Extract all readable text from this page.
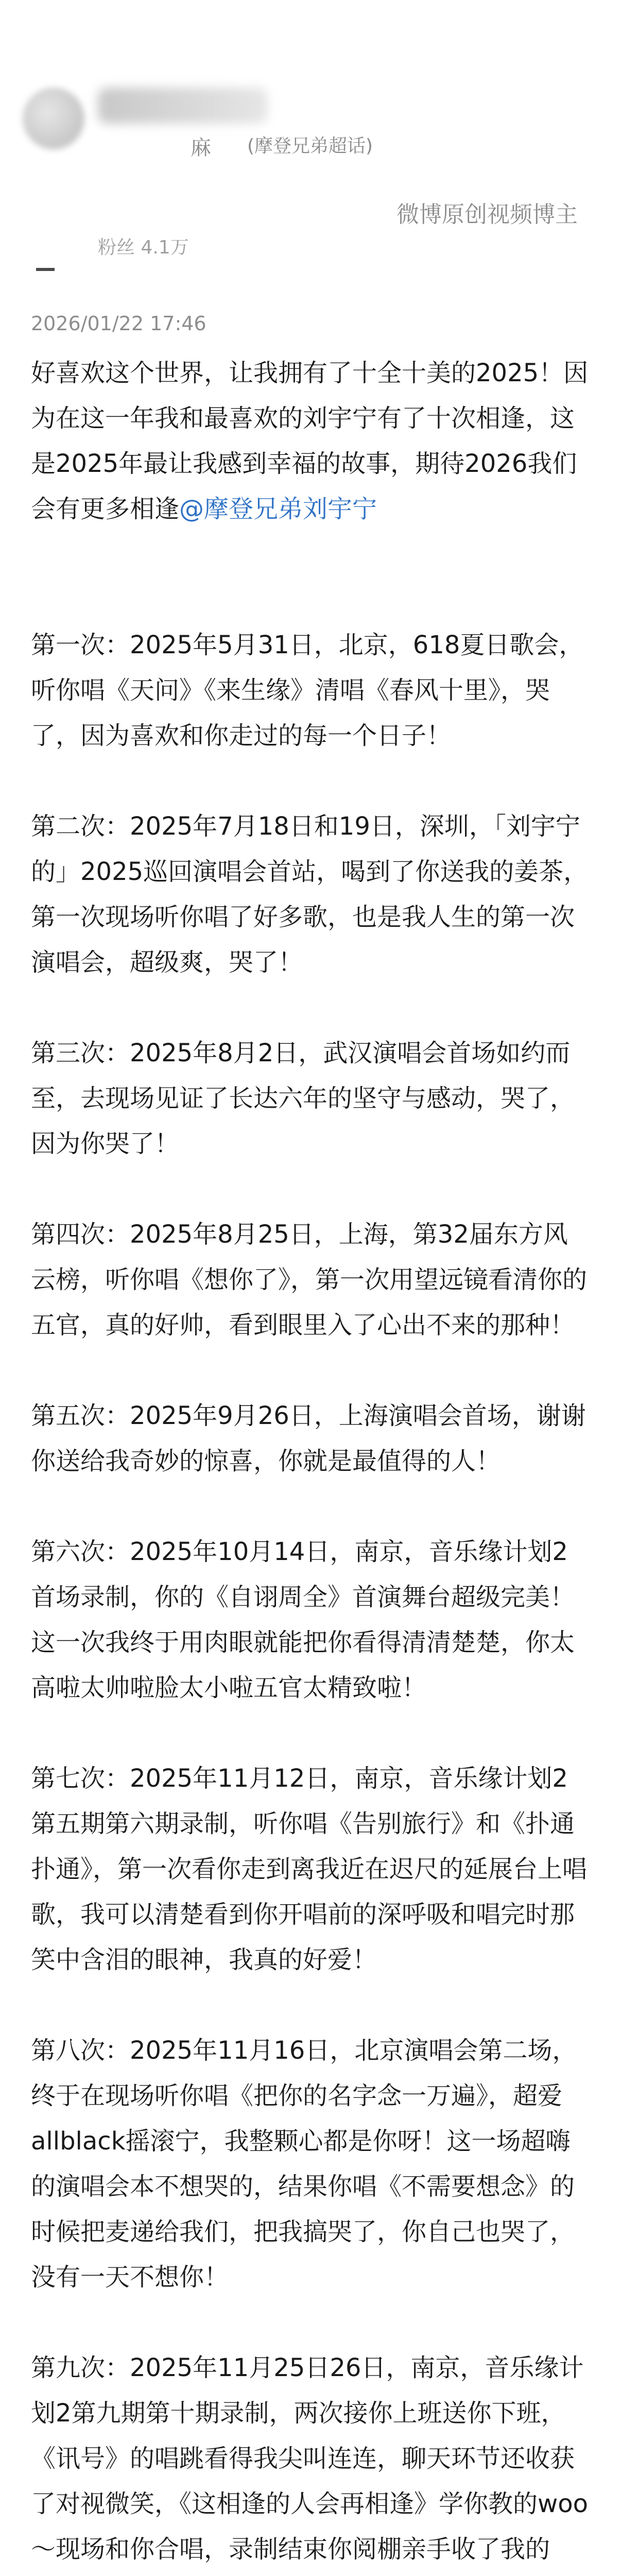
麻
粉丝 4.1万
2026/01/22 17:46
微博原创视频博主
(摩登兄弟超话)

好喜欢这个世界，让我拥有了十全十美的2025！因为在这一年我和最喜欢的刘宇宁有了十次相逢，这是2025年最让我感到幸福的故事，期待2026我们会有更多相逢@摩登兄弟刘宇宁

第一次：2025年5月31日，北京，618夏日歌会，听你唱《天问》《来生缘》清唱《春风十里》，哭了，因为喜欢和你走过的每一个日子！

第二次：2025年7月18日和19日，深圳，「刘宇宁的」2025巡回演唱会首站，喝到了你送我的姜茶，第一次现场听你唱了好多歌，也是我人生的第一次演唱会，超级爽，哭了！

第三次：2025年8月2日，武汉演唱会首场如约而至，去现场见证了长达六年的坚守与感动，哭了，因为你哭了！

第四次：2025年8月25日，上海，第32届东方风云榜，听你唱《想你了》，第一次用望远镜看清你的五官，真的好帅，看到眼里入了心出不来的那种！

第五次：2025年9月26日，上海演唱会首场，谢谢你送给我奇妙的惊喜，你就是最值得的人！

第六次：2025年10月14日，南京，音乐缘计划2首场录制，你的《自诩周全》首演舞台超级完美！这一次我终于用肉眼就能把你看得清清楚楚，你太高啦太帅啦脸太小啦五官太精致啦！

第七次：2025年11月12日，南京，音乐缘计划2第五期第六期录制，听你唱《告别旅行》和《扑通扑通》，第一次看你走到离我近在迟尺的延展台上唱歌，我可以清楚看到你开唱前的深呼吸和唱完时那笑中含泪的眼神，我真的好爱！

第八次：2025年11月16日，北京演唱会第二场，终于在现场听你唱《把你的名字念一万遍》，超爱allblack摇滚宁，我整颗心都是你呀！这一场超嗨的演唱会本不想哭的，结果你唱《不需要想念》的时候把麦递给我们，把我搞哭了，你自己也哭了，没有一天不想你！

第九次：2025年11月25日26日，南京，音乐缘计划2第九期第十期录制，两次接你上班送你下班，《讯号》的唱跳看得我尖叫连连，聊天环节还收获了对视微笑，《这相逢的人会再相逢》学你教的woo～现场和你合唱，录制结束你阅棚亲手收了我的
